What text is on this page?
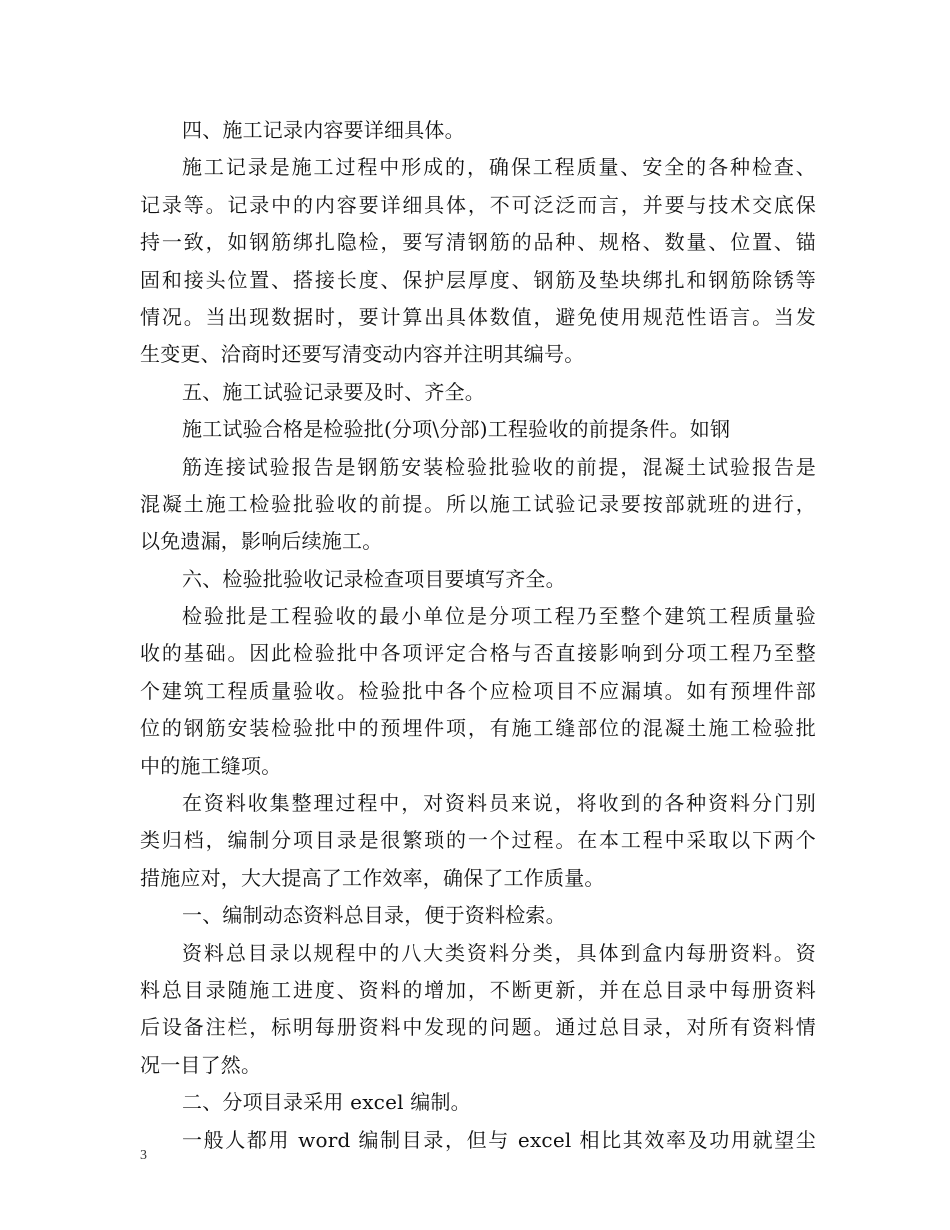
四、施工记录内容要详细具体。
施工记录是施工过程中形成的，确保工程质量、安全的各种检查、
记录等。记录中的内容要详细具体，不可泛泛而言，并要与技术交底保
持一致，如钢筋绑扎隐检，要写清钢筋的品种、规格、数量、位置、锚
固和接头位置、搭接长度、保护层厚度、钢筋及垫块绑扎和钢筋除锈等
情况。当出现数据时，要计算出具体数值，避免使用规范性语言。当发
生变更、洽商时还要写清变动内容并注明其编号。
五、施工试验记录要及时、齐全。
施工试验合格是检验批(分项\分部)工程验收的前提条件。如钢
筋连接试验报告是钢筋安装检验批验收的前提，混凝土试验报告是
混凝土施工检验批验收的前提。所以施工试验记录要按部就班的进行，
以免遗漏，影响后续施工。
六、检验批验收记录检查项目要填写齐全。
检验批是工程验收的最小单位是分项工程乃至整个建筑工程质量验
收的基础。因此检验批中各项评定合格与否直接影响到分项工程乃至整
个建筑工程质量验收。检验批中各个应检项目不应漏填。如有预埋件部
位的钢筋安装检验批中的预埋件项，有施工缝部位的混凝土施工检验批
中的施工缝项。
在资料收集整理过程中，对资料员来说，将收到的各种资料分门别
类归档，编制分项目录是很繁琐的一个过程。在本工程中采取以下两个
措施应对，大大提高了工作效率，确保了工作质量。
一、编制动态资料总目录，便于资料检索。
资料总目录以规程中的八大类资料分类，具体到盒内每册资料。资
料总目录随施工进度、资料的增加，不断更新，并在总目录中每册资料
后设备注栏，标明每册资料中发现的问题。通过总目录，对所有资料情
况一目了然。
二、分项目录采用 excel 编制。
一般人都用 word 编制目录，但与 excel 相比其效率及功用就望尘
3
